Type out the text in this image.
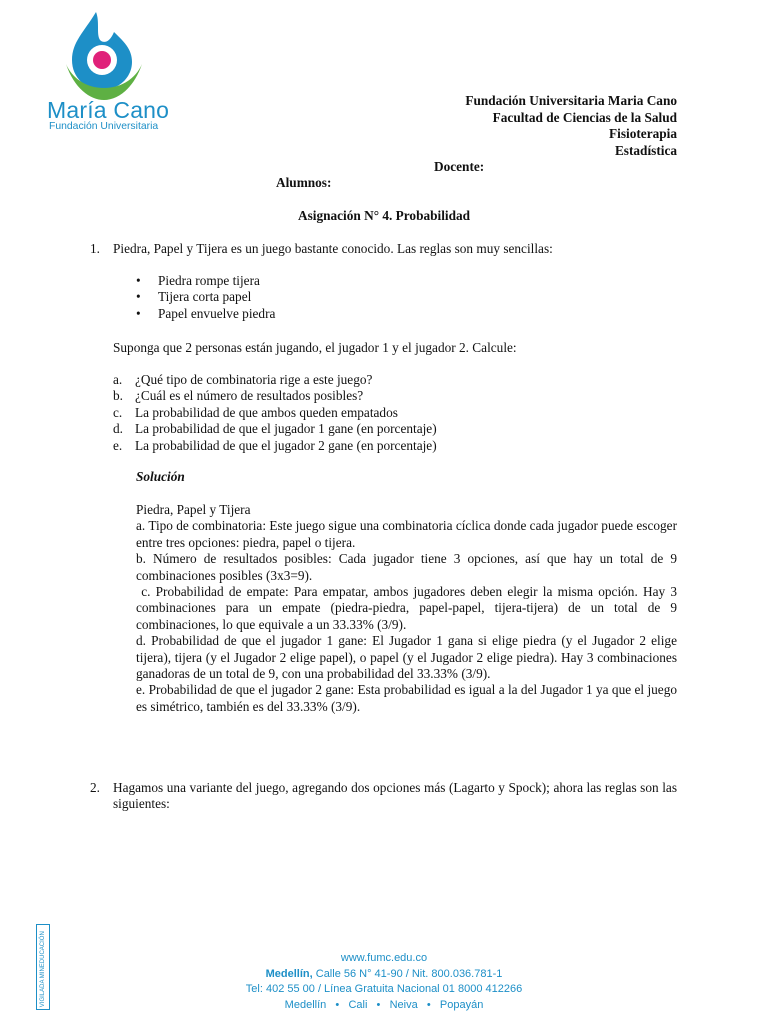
María Cano
Fundación Universitaria
Fundación Universitaria Maria Cano
Facultad de Ciencias de la Salud
Fisioterapia
Estadística
Docente:
Alumnos:
Asignación N° 4. Probabilidad
1. Piedra, Papel y Tijera es un juego bastante conocido. Las reglas son muy sencillas:
• Piedra rompe tijera
• Tijera corta papel
• Papel envuelve piedra
Suponga que 2 personas están jugando, el jugador 1 y el jugador 2. Calcule:
a. ¿Qué tipo de combinatoria rige a este juego?
b. ¿Cuál es el número de resultados posibles?
c. La probabilidad de que ambos queden empatados
d. La probabilidad de que el jugador 1 gane (en porcentaje)
e. La probabilidad de que el jugador 2 gane (en porcentaje)
Solución

Piedra, Papel y Tijera

a. Tipo de combinatoria: Este juego sigue una combinatoria cíclica donde cada jugador puede escoger entre tres opciones: piedra, papel o tijera.

b. Número de resultados posibles: Cada jugador tiene 3 opciones, así que hay un total de 9 combinaciones posibles (3x3=9).

c. Probabilidad de empate: Para empatar, ambos jugadores deben elegir la misma opción. Hay 3 combinaciones para un empate (piedra-piedra, papel-papel, tijera-tijera) de un total de 9 combinaciones, lo que equivale a un 33.33% (3/9).

d. Probabilidad de que el jugador 1 gane: El Jugador 1 gana si elige piedra (y el Jugador 2 elige tijera), tijera (y el Jugador 2 elige papel), o papel (y el Jugador 2 elige piedra). Hay 3 combinaciones ganadoras de un total de 9, con una probabilidad del 33.33% (3/9).

e. Probabilidad de que el jugador 2 gane: Esta probabilidad es igual a la del Jugador 1 ya que el juego es simétrico, también es del 33.33% (3/9).

2. Hagamos una variante del juego, agregando dos opciones más (Lagarto y Spock); ahora las reglas son las siguientes:
VIGILADA MINEDUCACIÓN	www.fumc.edu.co
Medellín, Calle 56 N° 41-90 / Nit. 800.036.781-1
Tel: 402 55 00 / Línea Gratuita Nacional 01 8000 412266
Medellín   •   Cali   •   Neiva   •   Popayán
